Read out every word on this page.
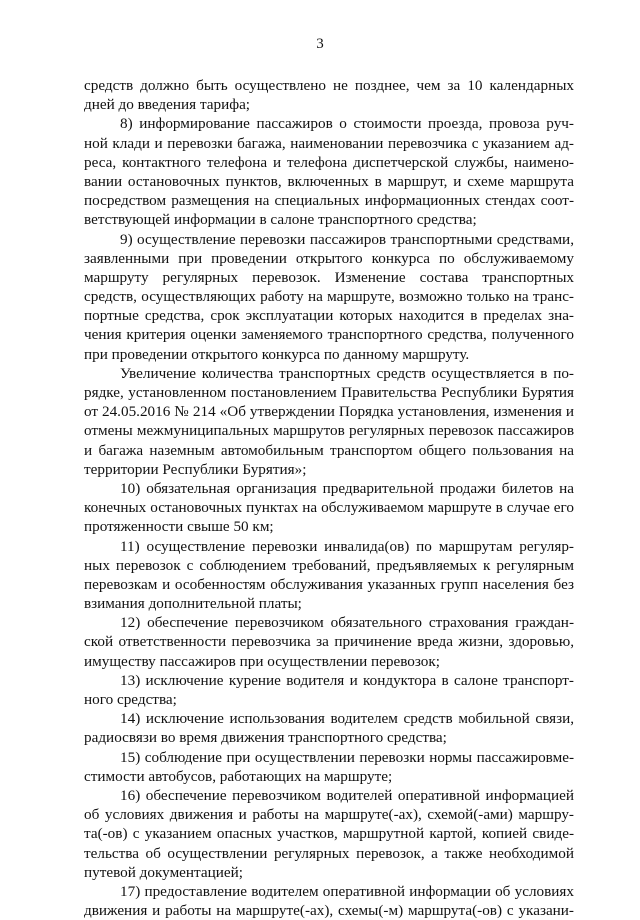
3
средств должно быть осуществлено не позднее, чем за 10 календарных
дней до введения тарифа;
8) информирование пассажиров о стоимости проезда, провоза руч-
ной клади и перевозки багажа, наименовании перевозчика с указанием ад-
реса, контактного телефона и телефона диспетчерской службы, наимено-
вании остановочных пунктов, включенных в маршрут, и схеме маршрута
посредством размещения на специальных информационных стендах соот-
ветствующей информации в салоне транспортного средства;
9) осуществление перевозки пассажиров транспортными средствами,
заявленными при проведении открытого конкурса по обслуживаемому
маршруту регулярных перевозок. Изменение состава транспортных
средств, осуществляющих работу на маршруте, возможно только на транс-
портные средства, срок эксплуатации которых находится в пределах зна-
чения критерия оценки заменяемого транспортного средства, полученного
при проведении открытого конкурса по данному маршруту.
Увеличение количества транспортных средств осуществляется в по-
рядке, установленном постановлением Правительства Республики Бурятия
от 24.05.2016 № 214 «Об утверждении Порядка установления, изменения и
отмены межмуниципальных маршрутов регулярных перевозок пассажиров
и багажа наземным автомобильным транспортом общего пользования на
территории Республики Бурятия»;
10) обязательная организация предварительной продажи билетов на
конечных остановочных пунктах на обслуживаемом маршруте в случае его
протяженности свыше 50 км;
11) осуществление перевозки инвалида(ов) по маршрутам регуляр-
ных перевозок с соблюдением требований, предъявляемых к регулярным
перевозкам и особенностям обслуживания указанных групп населения без
взимания дополнительной платы;
12) обеспечение перевозчиком обязательного страхования граждан-
ской ответственности перевозчика за причинение вреда жизни, здоровью,
имуществу пассажиров при осуществлении перевозок;
13) исключение курение водителя и кондуктора в салоне транспорт-
ного средства;
14) исключение использования водителем средств мобильной связи,
радиосвязи во время движения транспортного средства;
15) соблюдение при осуществлении перевозки нормы пассажировме-
стимости автобусов, работающих на маршруте;
16) обеспечение перевозчиком водителей оперативной информацией
об условиях движения и работы на маршруте(-ах), схемой(-ами) маршру-
та(-ов) с указанием опасных участков, маршрутной картой, копией свиде-
тельства об осуществлении регулярных перевозок, а также необходимой
путевой документацией;
17) предоставление водителем оперативной информации об условиях
движения и работы на маршруте(-ах), схемы(-м) маршрута(-ов) с указани-
